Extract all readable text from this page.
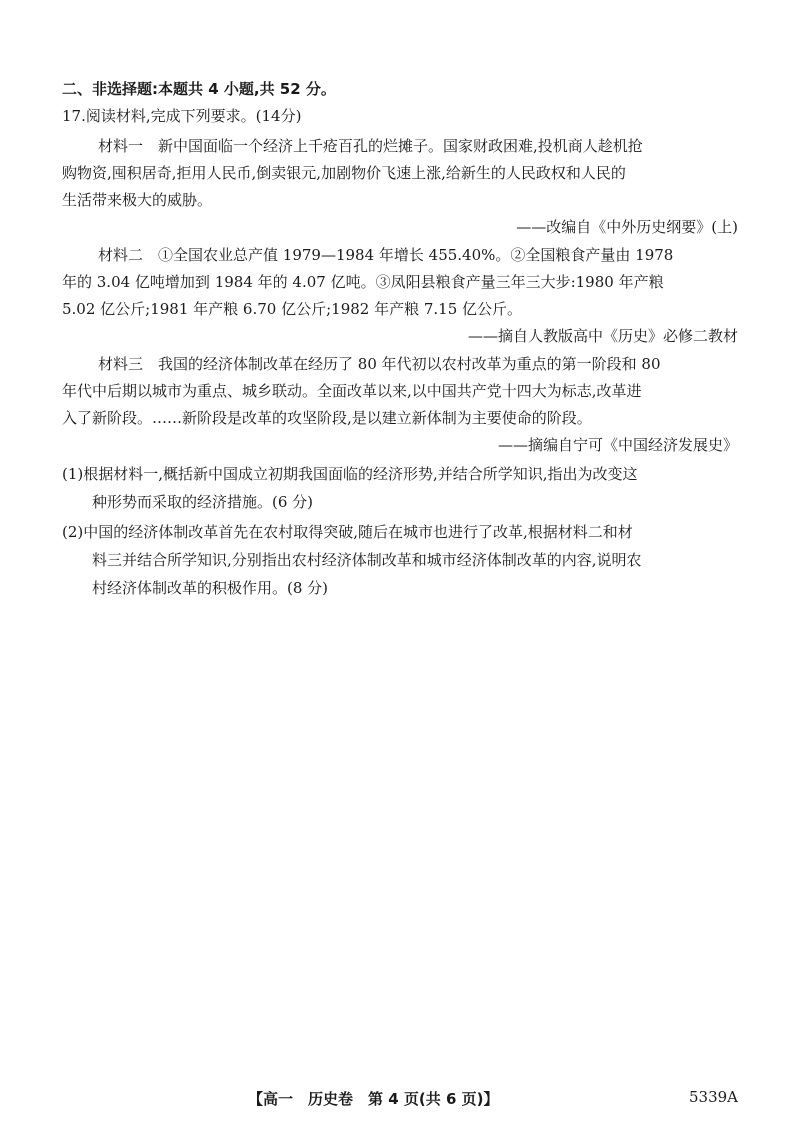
二、非选择题:本题共 4 小题,共 52 分。
17.阅读材料,完成下列要求。(14分)
材料一　新中国面临一个经济上千疮百孔的烂摊子。国家财政困难,投机商人趁机抢
购物资,囤积居奇,拒用人民币,倒卖银元,加剧物价飞速上涨,给新生的人民政权和人民的
生活带来极大的威胁。
——改编自《中外历史纲要》(上)
材料二　①全国农业总产值 1979—1984 年增长 455.40%。②全国粮食产量由 1978
年的 3.04 亿吨增加到 1984 年的 4.07 亿吨。③凤阳县粮食产量三年三大步:1980 年产粮
5.02 亿公斤;1981 年产粮 6.70 亿公斤;1982 年产粮 7.15 亿公斤。
——摘自人教版高中《历史》必修二教材
材料三　我国的经济体制改革在经历了 80 年代初以农村改革为重点的第一阶段和 80
年代中后期以城市为重点、城乡联动。全面改革以来,以中国共产党十四大为标志,改革进
入了新阶段。……新阶段是改革的攻坚阶段,是以建立新体制为主要使命的阶段。
——摘编自宁可《中国经济发展史》
(1)根据材料一,概括新中国成立初期我国面临的经济形势,并结合所学知识,指出为改变这
种形势而采取的经济措施。(6 分)
(2)中国的经济体制改革首先在农村取得突破,随后在城市也进行了改革,根据材料二和材
料三并结合所学知识,分别指出农村经济体制改革和城市经济体制改革的内容,说明农
村经济体制改革的积极作用。(8 分)
【高一　历史卷　第 4 页(共 6 页)】	5339A
